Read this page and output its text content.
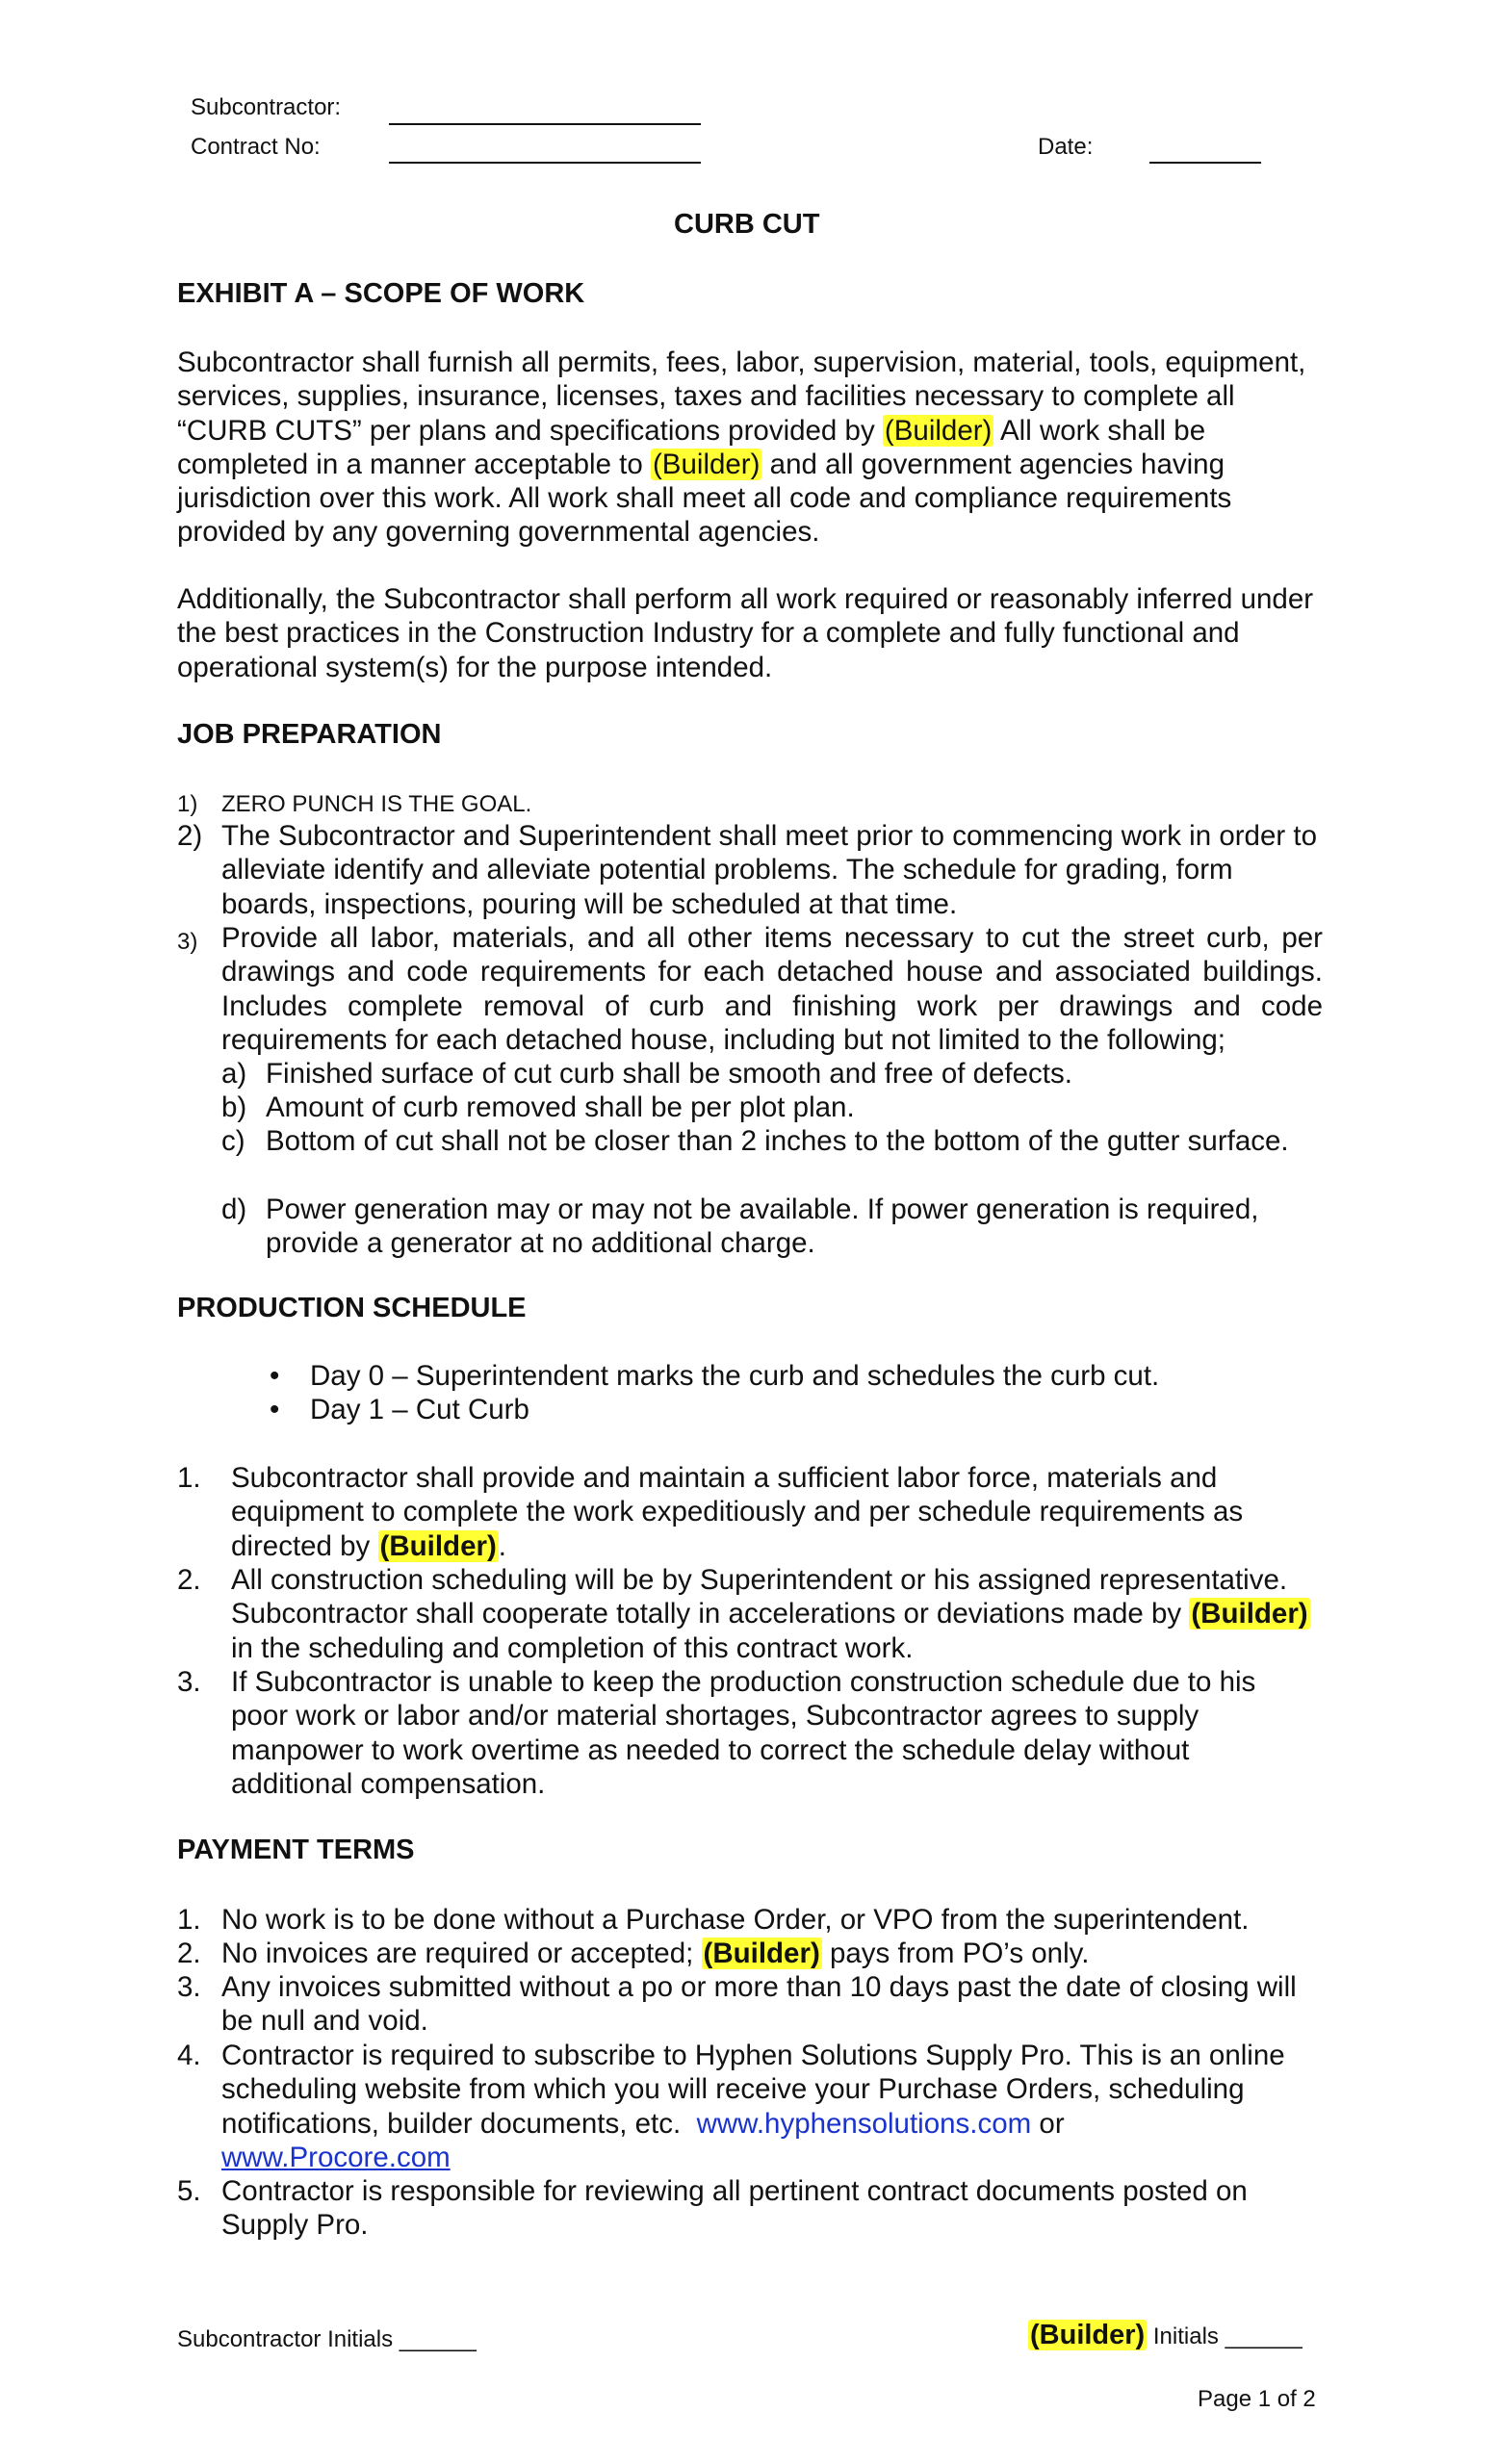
Subcontractor:
Contract No:	Date:
CURB CUT
EXHIBIT A – SCOPE OF WORK
Subcontractor shall furnish all permits, fees, labor, supervision, material, tools, equipment, services, supplies, insurance, licenses, taxes and facilities necessary to complete all “CURB CUTS” per plans and specifications provided by (Builder) All work shall be completed in a manner acceptable to (Builder) and all government agencies having jurisdiction over this work. All work shall meet all code and compliance requirements provided by any governing governmental agencies.
Additionally, the Subcontractor shall perform all work required or reasonably inferred under the best practices in the Construction Industry for a complete and fully functional and operational system(s) for the purpose intended.
JOB PREPARATION
1) ZERO PUNCH IS THE GOAL.
2) The Subcontractor and Superintendent shall meet prior to commencing work in order to alleviate identify and alleviate potential problems. The schedule for grading, form boards, inspections, pouring will be scheduled at that time.
3) Provide all labor, materials, and all other items necessary to cut the street curb, per drawings and code requirements for each detached house and associated buildings. Includes complete removal of curb and finishing work per drawings and code requirements for each detached house, including but not limited to the following;
a) Finished surface of cut curb shall be smooth and free of defects.
b) Amount of curb removed shall be per plot plan.
c) Bottom of cut shall not be closer than 2 inches to the bottom of the gutter surface.
d) Power generation may or may not be available. If power generation is required, provide a generator at no additional charge.
PRODUCTION SCHEDULE
• Day 0 – Superintendent marks the curb and schedules the curb cut.
• Day 1 – Cut Curb
1. Subcontractor shall provide and maintain a sufficient labor force, materials and equipment to complete the work expeditiously and per schedule requirements as directed by (Builder).
2. All construction scheduling will be by Superintendent or his assigned representative. Subcontractor shall cooperate totally in accelerations or deviations made by (Builder) in the scheduling and completion of this contract work.
3. If Subcontractor is unable to keep the production construction schedule due to his poor work or labor and/or material shortages, Subcontractor agrees to supply manpower to work overtime as needed to correct the schedule delay without additional compensation.
PAYMENT TERMS
1. No work is to be done without a Purchase Order, or VPO from the superintendent.
2. No invoices are required or accepted; (Builder) pays from PO’s only.
3. Any invoices submitted without a po or more than 10 days past the date of closing will be null and void.
4. Contractor is required to subscribe to Hyphen Solutions Supply Pro. This is an online scheduling website from which you will receive your Purchase Orders, scheduling notifications, builder documents, etc. www.hyphensolutions.com or
www.Procore.com
5. Contractor is responsible for reviewing all pertinent contract documents posted on Supply Pro.
Subcontractor Initials ______	(Builder) Initials ______
Page 1 of 2
